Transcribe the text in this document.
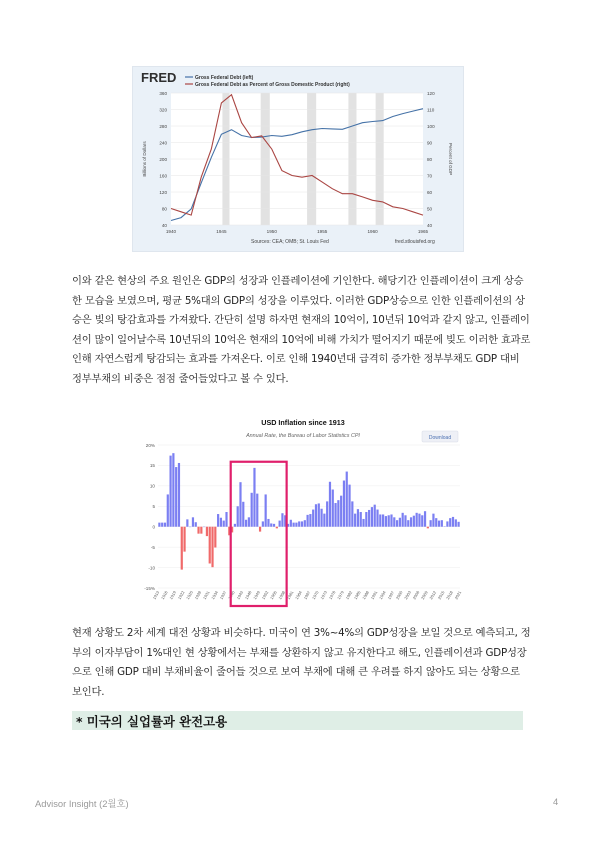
FRED	Gross Federal Debt (left)
Gross Federal Debt as Percent of Gross Domestic Product (right)
360
320
280
240
200
160
120
80
40
120
110
100
90
80
70
60
50
40
1940	1945	1950	1955	1960	1965
Billions of Dollars	Percent of GDP
Sources: CEA; OMB; St. Louis Fed	fred.stlouisfed.org

이와 같은 현상의 주요 원인은 GDP의 성장과 인플레이션에 기인한다. 해당기간 인플레이션이 크게 상승한 모습을 보였으며, 평균 5%대의 GDP의 성장을 이루었다. 이러한 GDP상승으로 인한 인플레이션의 상승은 빚의 탕감효과를 가져왔다. 간단히 설명 하자면 현재의 10억이, 10년뒤 10억과 같지 않고, 인플레이션이 많이 일어날수록 10년뒤의 10억은 현재의 10억에 비해 가치가 떨어지기 때문에 빚도 이러한 효과로 인해 자연스럽게 탕감되는 효과를 가져온다. 이로 인해 1940년대 급격히 증가한 정부부채도 GDP 대비 정부부채의 비중은 점점 줄어들었다고 볼 수 있다.

USD Inflation since 1913
Annual Rate, the Bureau of Labor Statistics CPI	Download
20%
15
10
5
0
-5
-10
-15%
1913 1916 1919 1922 1925 1928 1931 1934 1937 1940 1943 1946 1949 1952 1955 1958 1961 1964 1967 1970 1973 1976 1979 1982 1985 1988 1991 1994 1997 2000 2003 2006 2009 2012 2015 2018 2021

현재 상황도 2차 세계 대전 상황과 비슷하다. 미국이 연 3%~4%의 GDP성장을 보일 것으로 예측되고, 정부의 이자부담이 1%대인 현 상황에서는 부채를 상환하지 않고 유지한다고 해도, 인플레이션과 GDP성장으로 인해 GDP 대비 부채비율이 줄어들 것으로 보여 부채에 대해 큰 우려를 하지 않아도 되는 상황으로 보인다.

* 미국의 실업률과 완전고용
Advisor Insight (2월호)	4
